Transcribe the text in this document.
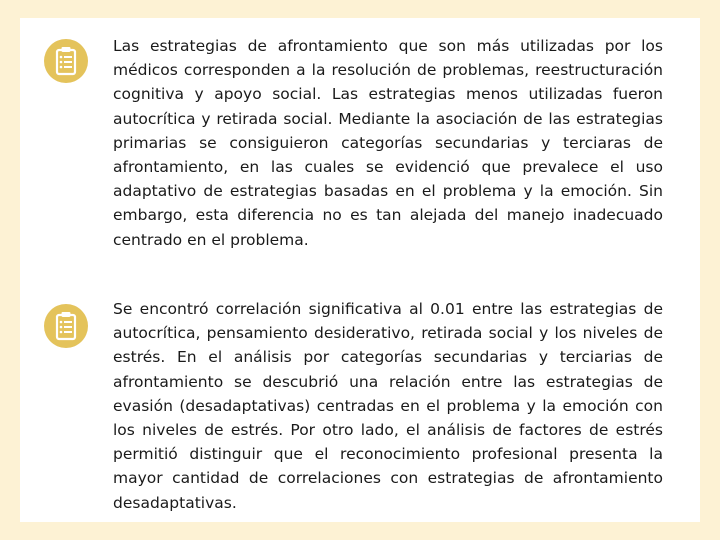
Las estrategias de afrontamiento que son más utilizadas por los médicos corresponden a la resolución de problemas, reestructuración cognitiva y apoyo social. Las estrategias menos utilizadas fueron autocrítica y retirada social. Mediante la asociación de las estrategias primarias se consiguieron categorías secundarias y terciaras de afrontamiento, en las cuales se evidenció que prevalece el uso adaptativo de estrategias basadas en el problema y la emoción. Sin embargo, esta diferencia no es tan alejada del manejo inadecuado centrado en el problema.

Se encontró correlación significativa al 0.01 entre las estrategias de autocrítica, pensamiento desiderativo, retirada social y los niveles de estrés. En el análisis por categorías secundarias y terciarias de afrontamiento se descubrió una relación entre las estrategias de evasión (desadaptativas) centradas en el problema y la emoción con los niveles de estrés. Por otro lado, el análisis de factores de estrés permitió distinguir que el reconocimiento profesional presenta la mayor cantidad de correlaciones con estrategias de afrontamiento desadaptativas.
